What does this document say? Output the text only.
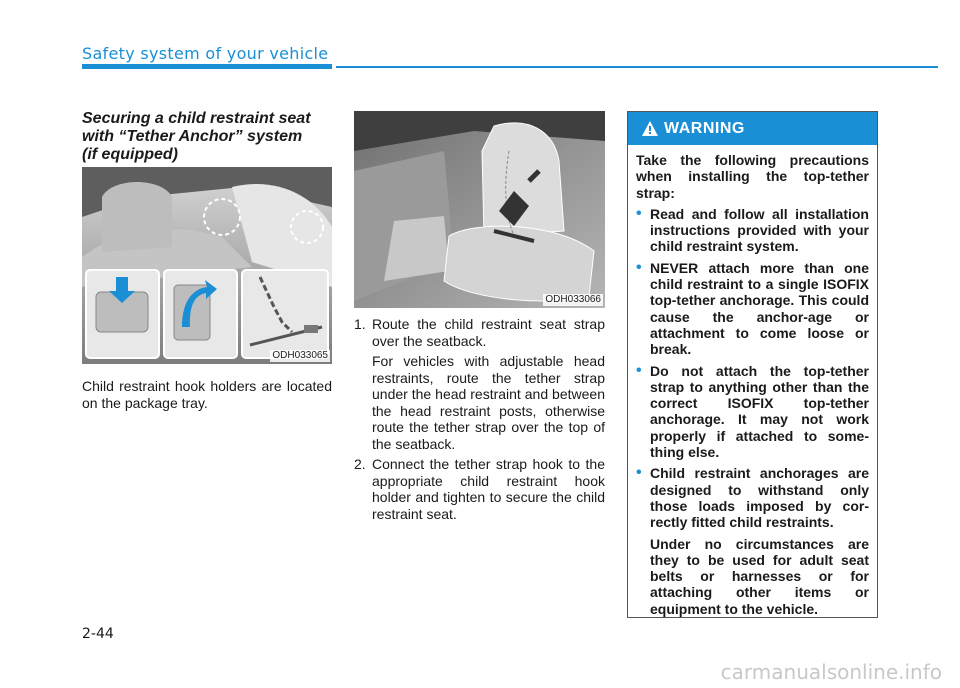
Safety system of your vehicle
Securing a child restraint seat
with “Tether Anchor” system
(if equipped)
ODH033065
Child restraint hook holders are located on the package tray.
ODH033066
1. Route the child restraint seat strap over the seatback.
For vehicles with adjustable head restraints, route the tether strap under the head restraint and between the head restraint posts, otherwise route the tether strap over the top of the seatback.
2. Connect the tether strap hook to the appropriate child restraint hook holder and tighten to secure the child restraint seat.
WARNING
Take the following precautions when installing the top-tether strap:
• Read and follow all installation instructions provided with your child restraint system.
• NEVER attach more than one child restraint to a single ISOFIX top-tether anchorage. This could cause the anchor-age or attachment to come loose or break.
• Do not attach the top-tether strap to anything other than the correct ISOFIX top-tether anchorage. It may not work properly if attached to some-thing else.
• Child restraint anchorages are designed to withstand only those loads imposed by cor-rectly fitted child restraints.
Under no circumstances are they to be used for adult seat belts or harnesses or for attaching other items or equipment to the vehicle.
2-44
carmanualsonline.info
